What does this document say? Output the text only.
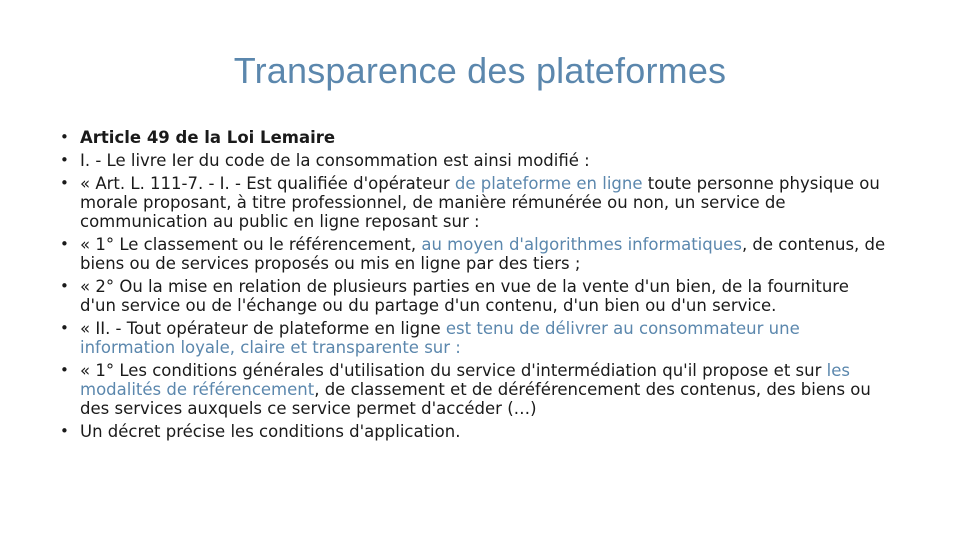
Transparence des plateformes
• Article 49 de la Loi Lemaire
• I. - Le livre Ier du code de la consommation est ainsi modifié :
• « Art. L. 111-7. - I. - Est qualifiée d'opérateur de plateforme en ligne toute personne physique ou morale proposant, à titre professionnel, de manière rémunérée ou non, un service de communication au public en ligne reposant sur :
• « 1° Le classement ou le référencement, au moyen d'algorithmes informatiques, de contenus, de biens ou de services proposés ou mis en ligne par des tiers ;
• « 2° Ou la mise en relation de plusieurs parties en vue de la vente d'un bien, de la fourniture d'un service ou de l'échange ou du partage d'un contenu, d'un bien ou d'un service.
• « II. - Tout opérateur de plateforme en ligne est tenu de délivrer au consommateur une information loyale, claire et transparente sur :
• « 1° Les conditions générales d'utilisation du service d'intermédiation qu'il propose et sur les modalités de référencement, de classement et de déréférencement des contenus, des biens ou des services auxquels ce service permet d'accéder (…)
• Un décret précise les conditions d'application.
